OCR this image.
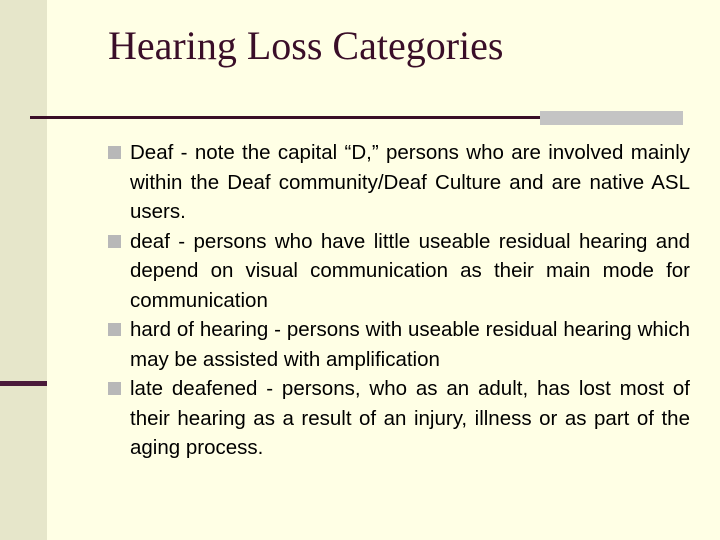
Hearing Loss Categories
Deaf - note the capital “D,” persons who are involved mainly within the Deaf community/Deaf Culture and are native ASL users.
deaf - persons who have little useable residual hearing and depend on visual communication as their main mode for communication
hard of hearing - persons with useable residual hearing which may be assisted with amplification
late deafened - persons, who as an adult, has lost most of their hearing as a result of an injury, illness or as part of the aging process.
